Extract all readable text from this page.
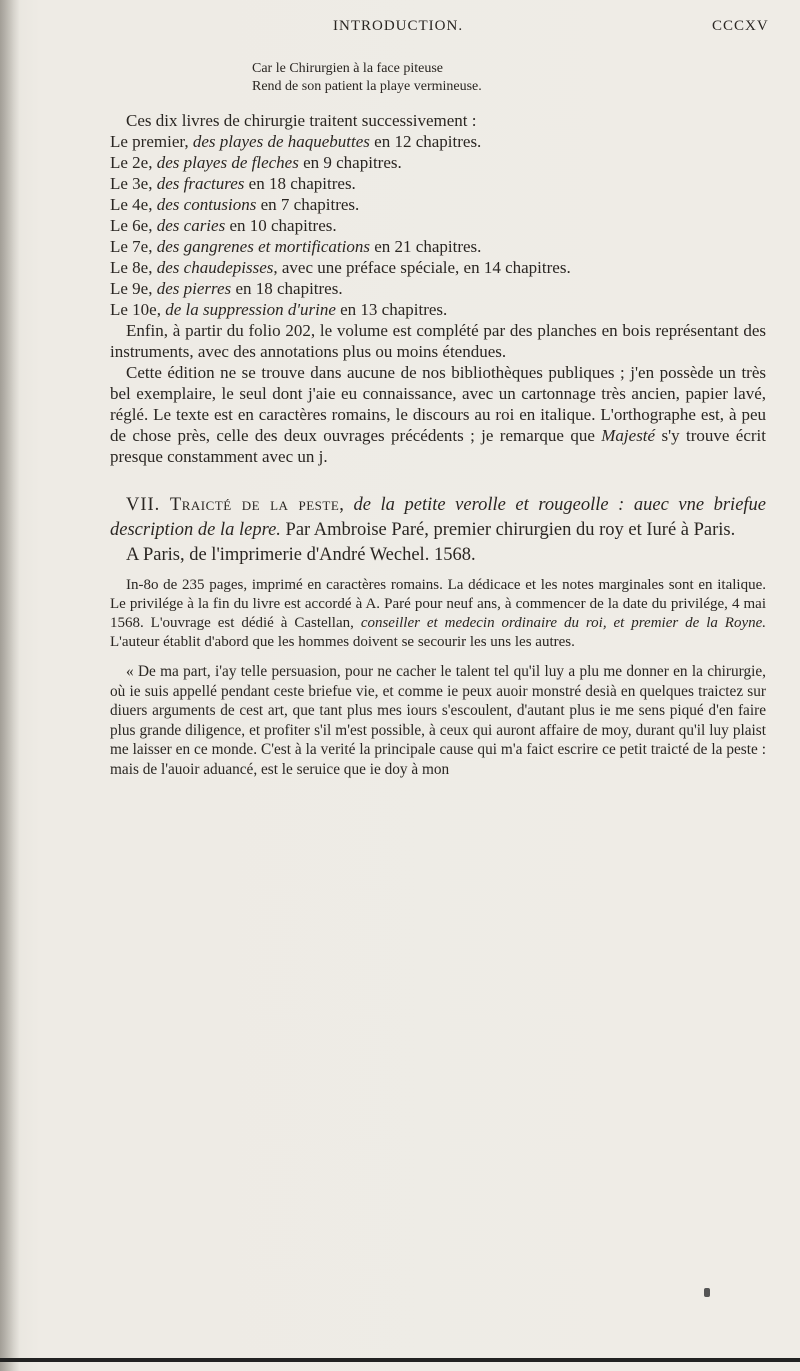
INTRODUCTION.	CCCXV
Car le Chirurgien à la face piteuse
Rend de son patient la playe vermineuse.

Ces dix livres de chirurgie traitent successivement :

Le premier, des playes de haquebuttes en 12 chapitres.

Le 2e, des playes de fleches en 9 chapitres.

Le 3e, des fractures en 18 chapitres.

Le 4e, des contusions en 7 chapitres.

Le 6e, des caries en 10 chapitres.

Le 7e, des gangrenes et mortifications en 21 chapitres.

Le 8e, des chaudepisses, avec une préface spéciale, en 14 chapitres.

Le 9e, des pierres en 18 chapitres.

Le 10e, de la suppression d'urine en 13 chapitres.

Enfin, à partir du folio 202, le volume est complété par des planches en bois représentant des instruments, avec des annotations plus ou moins étendues.

Cette édition ne se trouve dans aucune de nos bibliothèques publiques ; j'en possède un très bel exemplaire, le seul dont j'aie eu connaissance, avec un cartonnage très ancien, papier lavé, réglé. Le texte est en caractères romains, le discours au roi en italique. L'orthographe est, à peu de chose près, celle des deux ouvrages précédents ; je remarque que Majesté s'y trouve écrit presque constamment avec un j.

VII. Traicté de la peste, de la petite verolle et rougeolle : auec vne briefue description de la lepre. Par Ambroise Paré, premier chirurgien du roy et Iuré à Paris.

A Paris, de l'imprimerie d'André Wechel. 1568.

In-8o de 235 pages, imprimé en caractères romains. La dédicace et les notes marginales sont en italique. Le privilége à la fin du livre est accordé à A. Paré pour neuf ans, à commencer de la date du privilége, 4 mai 1568. L'ouvrage est dédié à Castellan, conseiller et medecin ordinaire du roi, et premier de la Royne. L'auteur établit d'abord que les hommes doivent se secourir les uns les autres.

« De ma part, i'ay telle persuasion, pour ne cacher le talent tel qu'il luy a plu me donner en la chirurgie, où ie suis appellé pendant ceste briefue vie, et comme ie peux auoir monstré desià en quelques traictez sur diuers arguments de cest art, que tant plus mes iours s'escoulent, d'autant plus ie me sens piqué d'en faire plus grande diligence, et profiter s'il m'est possible, à ceux qui auront affaire de moy, durant qu'il luy plaist me laisser en ce monde. C'est à la verité la principale cause qui m'a faict escrire ce petit traicté de la peste : mais de l'auoir aduancé, est le seruice que ie doy à mon
